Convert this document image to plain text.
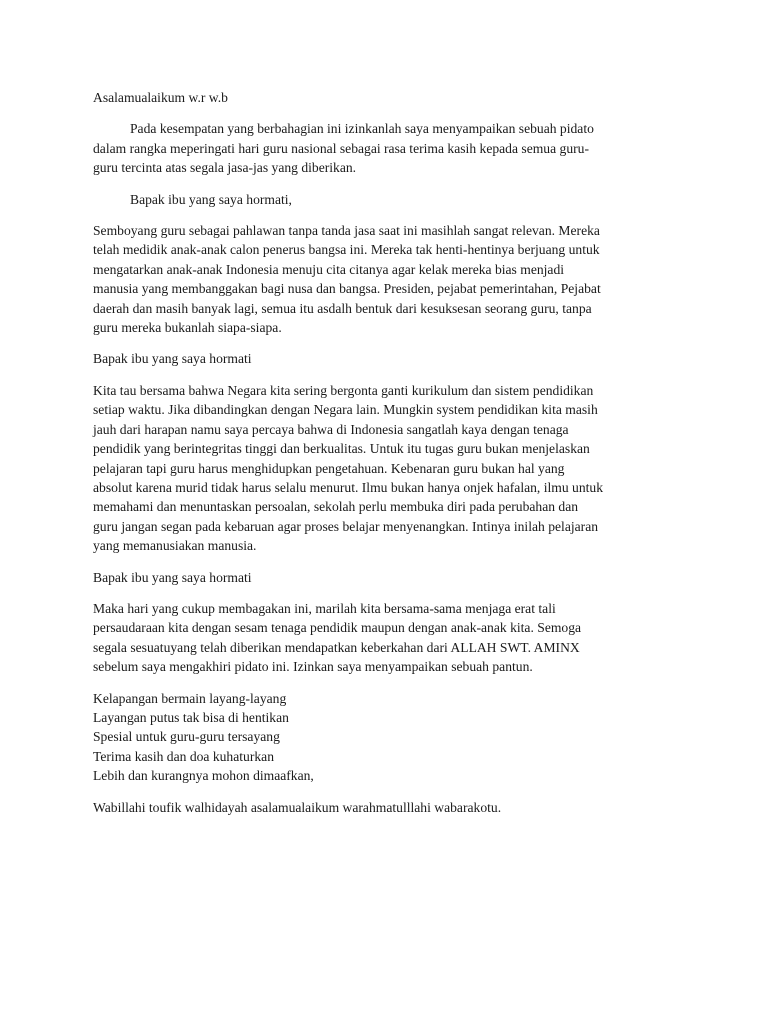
Asalamualaikum w.r w.b
Pada kesempatan yang berbahagian ini izinkanlah saya menyampaikan sebuah pidato
dalam rangka meperingati hari guru nasional sebagai rasa terima kasih kepada semua guru-
guru tercinta atas segala jasa-jas yang diberikan.
Bapak ibu yang saya hormati,
Semboyang guru sebagai pahlawan tanpa tanda jasa saat ini masihlah sangat relevan. Mereka
telah medidik anak-anak calon penerus bangsa ini. Mereka tak henti-hentinya berjuang untuk
mengatarkan anak-anak Indonesia menuju cita citanya agar kelak mereka bias menjadi
manusia yang membanggakan bagi nusa dan bangsa. Presiden, pejabat pemerintahan, Pejabat
daerah dan masih banyak lagi, semua itu asdalh bentuk dari kesuksesan seorang guru, tanpa
guru mereka bukanlah siapa-siapa.
Bapak ibu yang saya hormati
Kita tau bersama bahwa Negara kita sering bergonta ganti kurikulum dan sistem pendidikan
setiap waktu. Jika dibandingkan dengan Negara lain. Mungkin system pendidikan kita masih
jauh dari harapan namu saya percaya bahwa di Indonesia sangatlah kaya dengan tenaga
pendidik yang berintegritas tinggi dan berkualitas. Untuk itu tugas guru bukan menjelaskan
pelajaran tapi guru harus menghidupkan pengetahuan. Kebenaran guru bukan hal yang
absolut karena murid tidak harus selalu menurut. Ilmu bukan hanya onjek hafalan, ilmu untuk
memahami dan menuntaskan persoalan, sekolah perlu membuka diri pada perubahan dan
guru jangan segan pada kebaruan agar proses belajar menyenangkan. Intinya inilah pelajaran
yang memanusiakan manusia.
Bapak ibu yang saya hormati
Maka hari yang cukup membagakan ini, marilah kita bersama-sama menjaga erat tali
persaudaraan kita dengan sesam tenaga pendidik maupun dengan anak-anak kita. Semoga
segala sesuatuyang telah diberikan mendapatkan keberkahan dari ALLAH SWT. AMINX
sebelum saya mengakhiri pidato ini. Izinkan saya menyampaikan sebuah pantun.
Kelapangan bermain layang-layang
Layangan putus tak bisa di hentikan
Spesial untuk guru-guru tersayang
Terima kasih dan doa kuhaturkan
Lebih dan kurangnya mohon dimaafkan,
Wabillahi toufik walhidayah asalamualaikum warahmatulllahi wabarakotu.
